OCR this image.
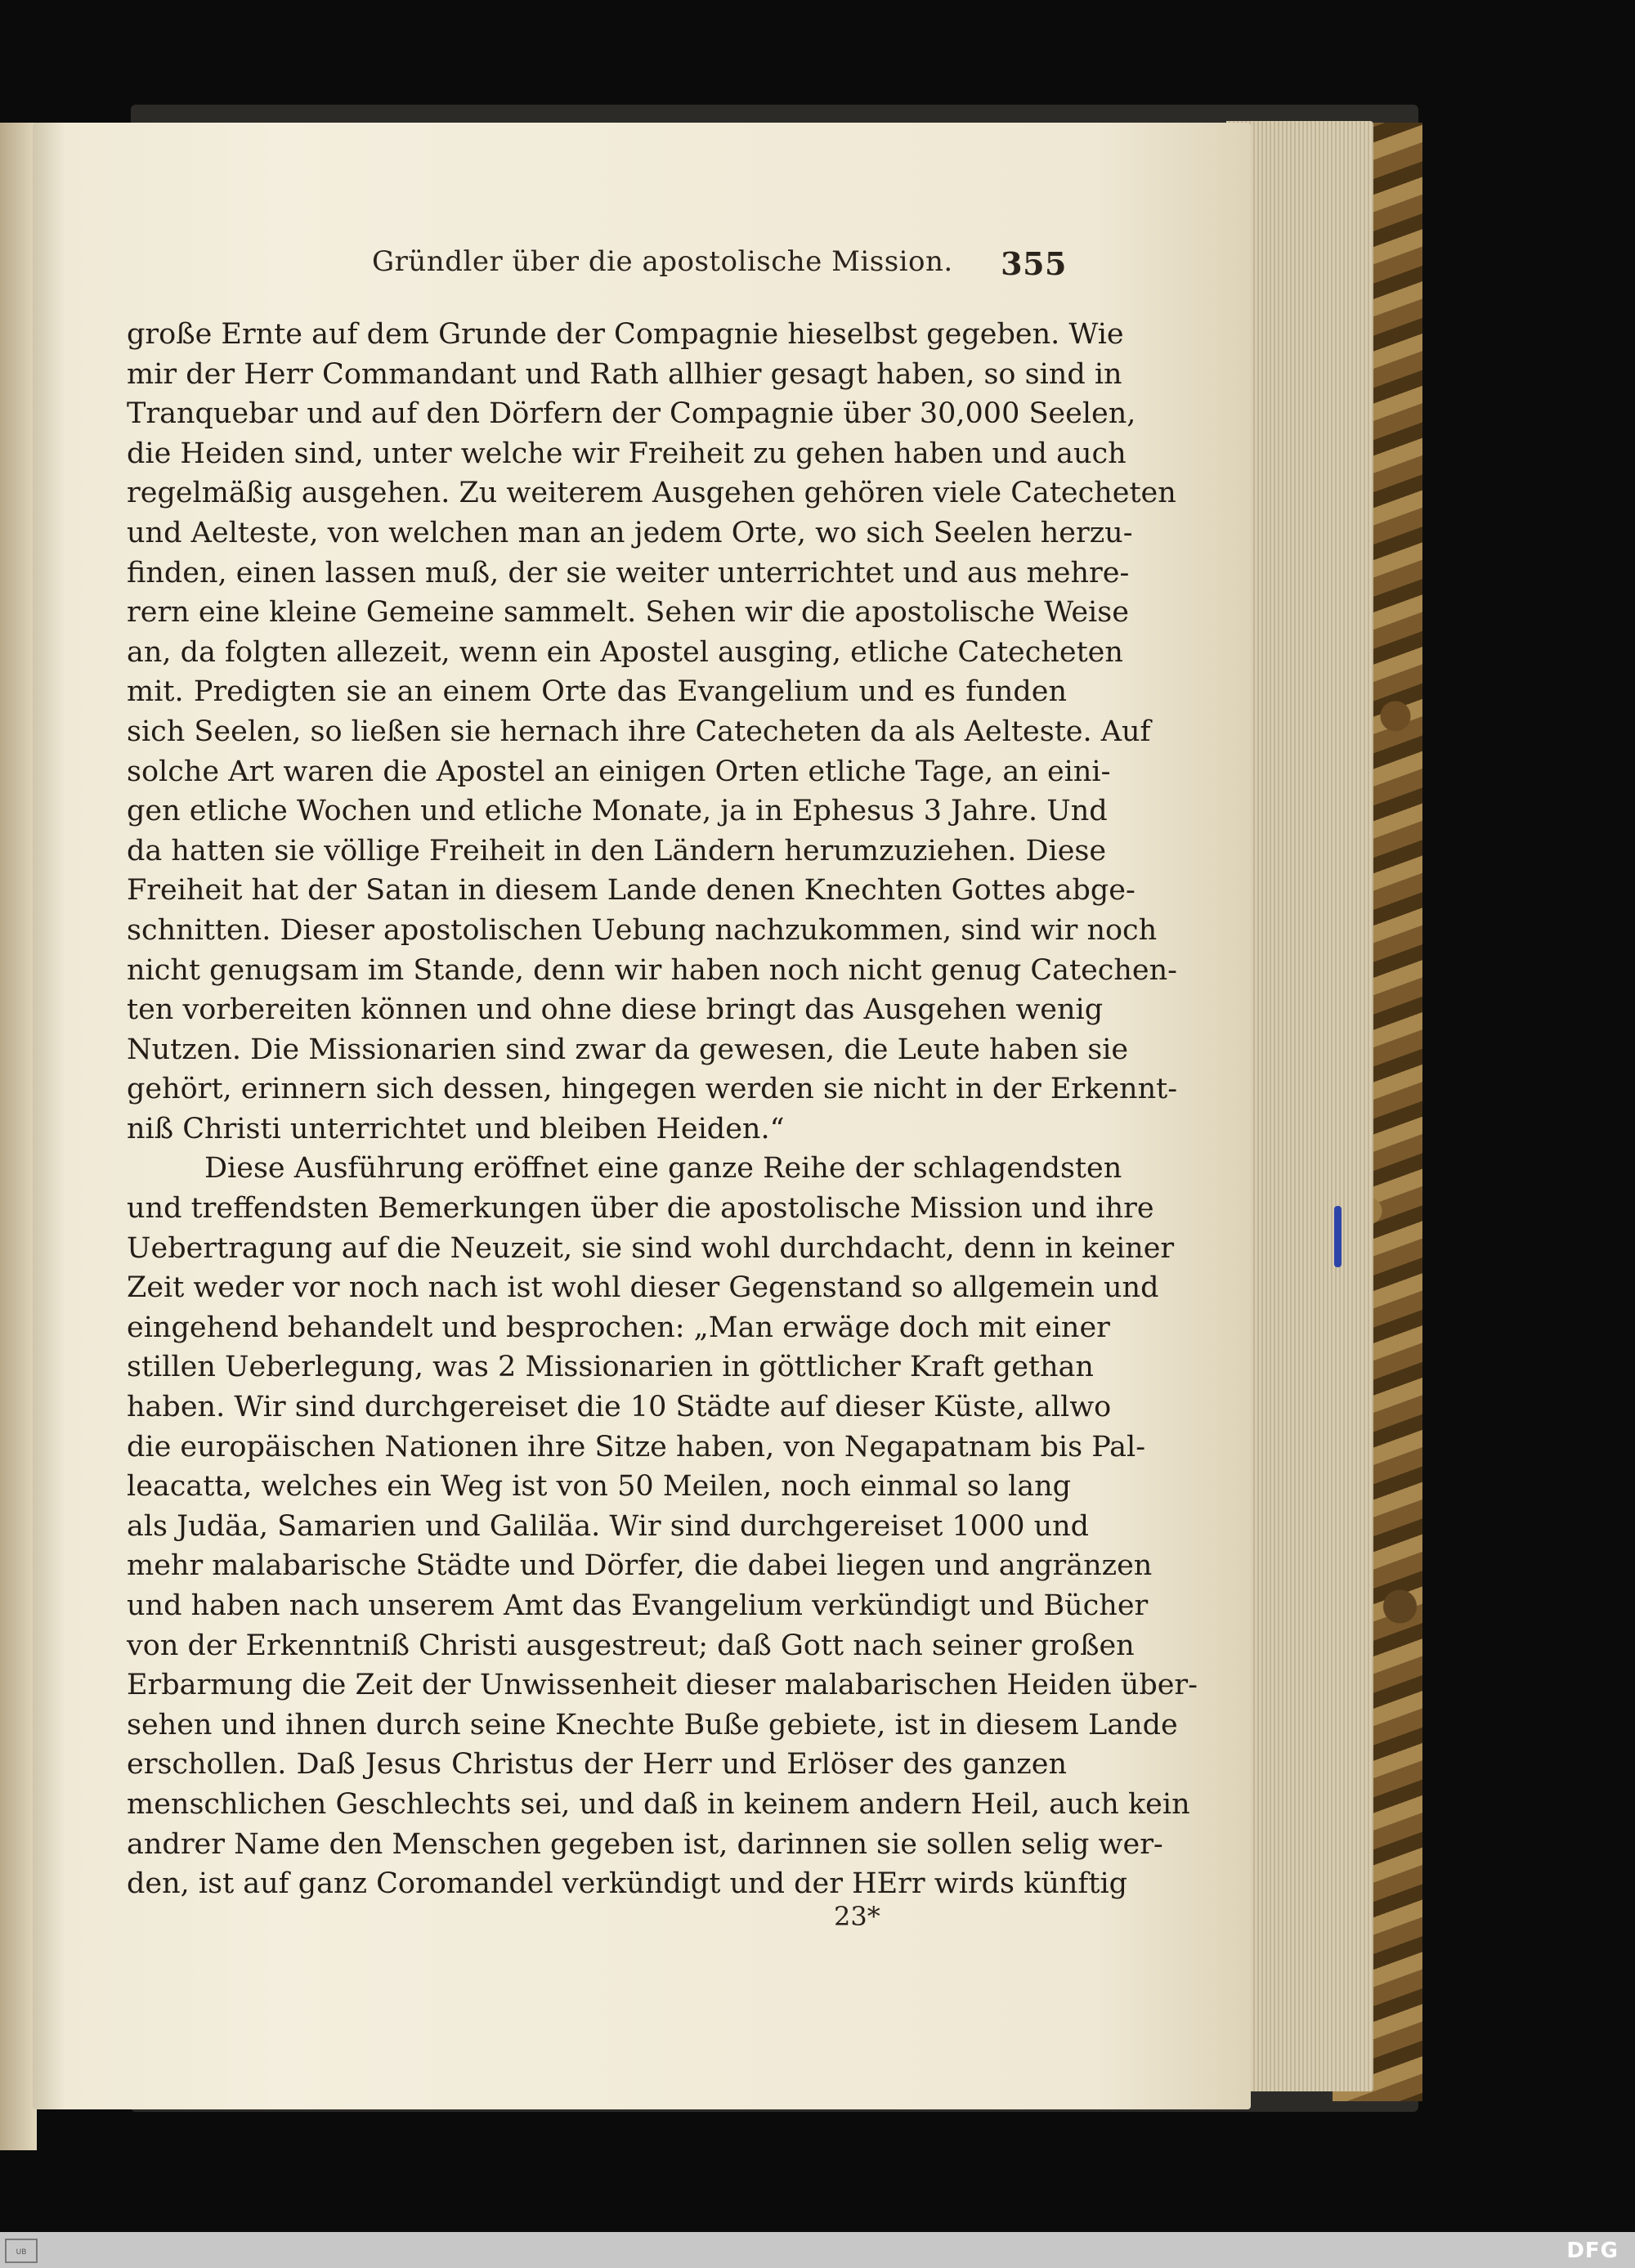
Gründler über die apostolische Mission. 355
große Ernte auf dem Grunde der Compagnie hieselbst gegeben. Wie
mir der Herr Commandant und Rath allhier gesagt haben, so sind in
Tranquebar und auf den Dörfern der Compagnie über 30,000 Seelen,
die Heiden sind, unter welche wir Freiheit zu gehen haben und auch
regelmäßig ausgehen. Zu weiterem Ausgehen gehören viele Catecheten
und Aelteste, von welchen man an jedem Orte, wo sich Seelen herzu-
finden, einen lassen muß, der sie weiter unterrichtet und aus mehre-
rern eine kleine Gemeine sammelt. Sehen wir die apostolische Weise
an, da folgten allezeit, wenn ein Apostel ausging, etliche Catecheten
mit. Predigten sie an einem Orte das Evangelium und es funden
sich Seelen, so ließen sie hernach ihre Catecheten da als Aelteste. Auf
solche Art waren die Apostel an einigen Orten etliche Tage, an eini-
gen etliche Wochen und etliche Monate, ja in Ephesus 3 Jahre. Und
da hatten sie völlige Freiheit in den Ländern herumzuziehen. Diese
Freiheit hat der Satan in diesem Lande denen Knechten Gottes abge-
schnitten. Dieser apostolischen Uebung nachzukommen, sind wir noch
nicht genugsam im Stande, denn wir haben noch nicht genug Catechen-
ten vorbereiten können und ohne diese bringt das Ausgehen wenig
Nutzen. Die Missionarien sind zwar da gewesen, die Leute haben sie
gehört, erinnern sich dessen, hingegen werden sie nicht in der Erkennt-
niß Christi unterrichtet und bleiben Heiden.“
Diese Ausführung eröffnet eine ganze Reihe der schlagendsten
und treffendsten Bemerkungen über die apostolische Mission und ihre
Uebertragung auf die Neuzeit, sie sind wohl durchdacht, denn in keiner
Zeit weder vor noch nach ist wohl dieser Gegenstand so allgemein und
eingehend behandelt und besprochen: „Man erwäge doch mit einer
stillen Ueberlegung, was 2 Missionarien in göttlicher Kraft gethan
haben. Wir sind durchgereiset die 10 Städte auf dieser Küste, allwo
die europäischen Nationen ihre Sitze haben, von Negapatnam bis Pal-
leacatta, welches ein Weg ist von 50 Meilen, noch einmal so lang
als Judäa, Samarien und Galiläa. Wir sind durchgereiset 1000 und
mehr malabarische Städte und Dörfer, die dabei liegen und angränzen
und haben nach unserem Amt das Evangelium verkündigt und Bücher
von der Erkenntniß Christi ausgestreut; daß Gott nach seiner großen
Erbarmung die Zeit der Unwissenheit dieser malabarischen Heiden über-
sehen und ihnen durch seine Knechte Buße gebiete, ist in diesem Lande
erschollen. Daß Jesus Christus der Herr und Erlöser des ganzen
menschlichen Geschlechts sei, und daß in keinem andern Heil, auch kein
andrer Name den Menschen gegeben ist, darinnen sie sollen selig wer-
den, ist auf ganz Coromandel verkündigt und der HErr wirds künftig
23*
UB	DFG
